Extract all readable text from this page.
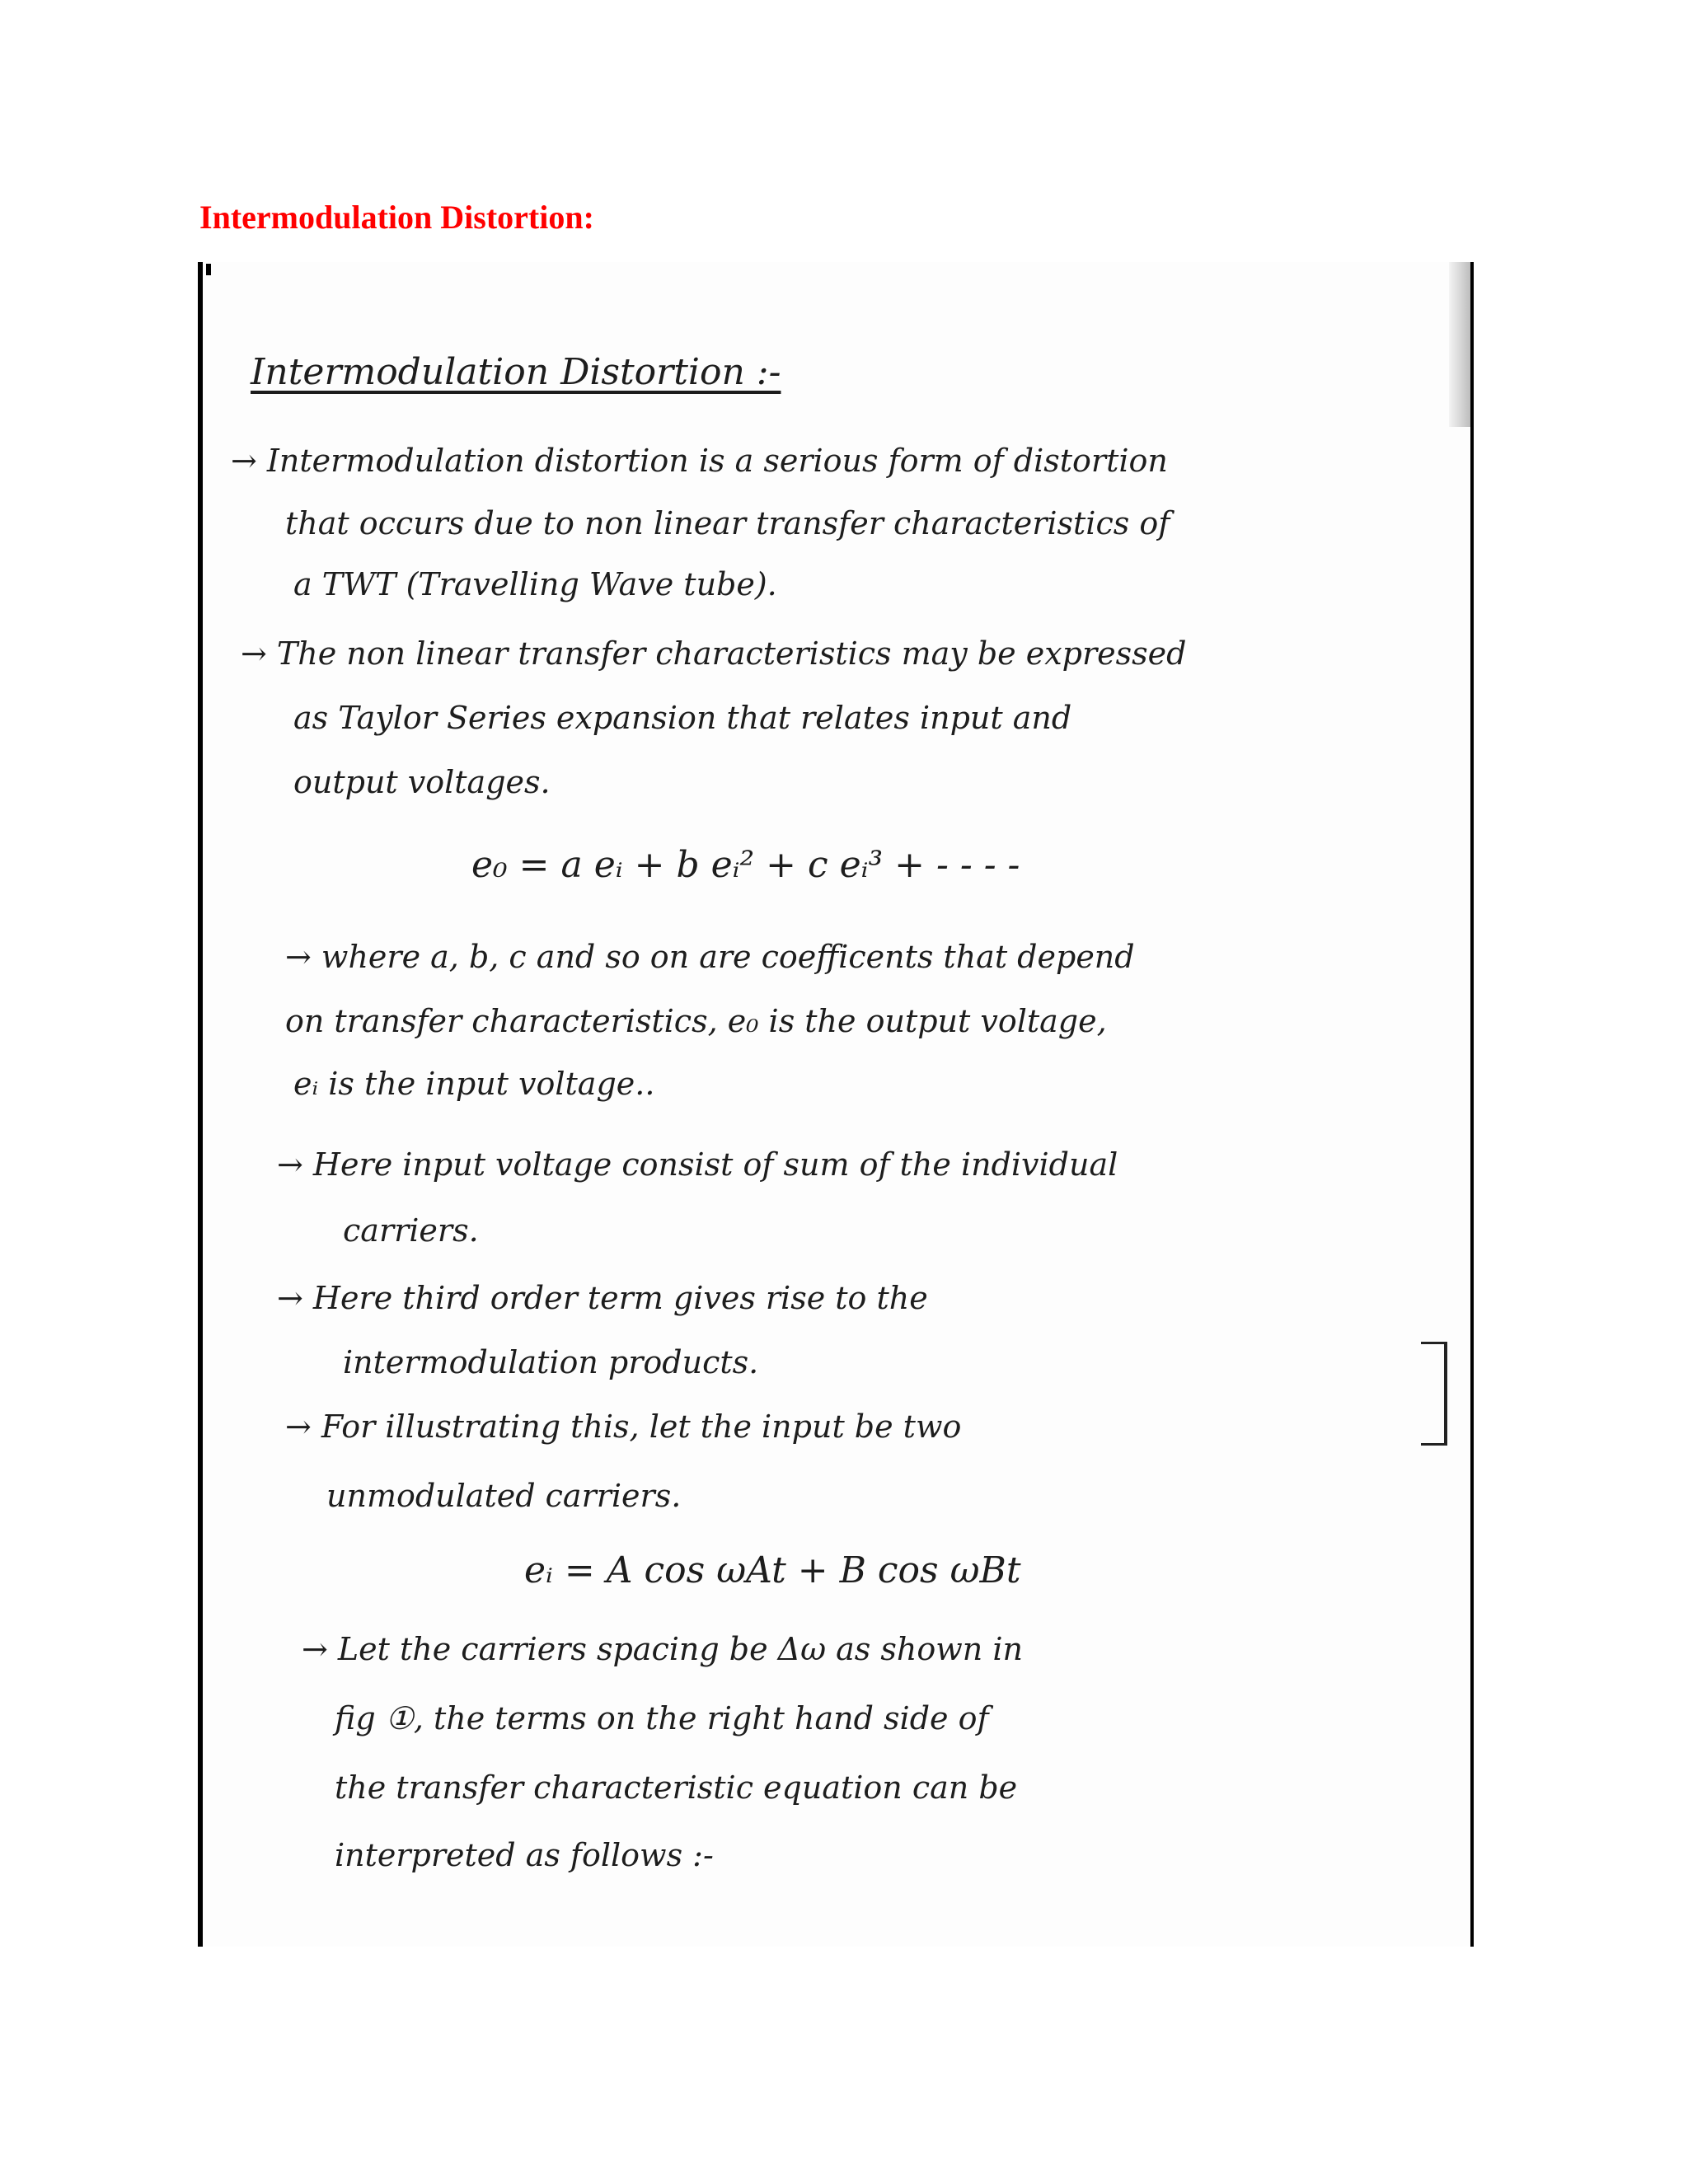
Intermodulation Distortion:
Intermodulation Distortion :-
→ Intermodulation distortion is a serious form of distortion
that occurs due to non linear transfer characteristics of
a TWT (Travelling Wave tube).
→ The non linear transfer characteristics may be expressed
as Taylor Series expansion that relates input and
output voltages.
e₀ = a eᵢ + b eᵢ² + c eᵢ³ + - - - -
→ where a, b, c and so on are coefficents that depend
on transfer characteristics, e₀ is the output voltage,
eᵢ is the input voltage..
→ Here input voltage consist of sum of the individual
carriers.
→ Here third order term gives rise to the
intermodulation products.
→ For illustrating this, let the input be two
unmodulated carriers.
eᵢ = A cos ωAt + B cos ωBt
→ Let the carriers spacing be Δω as shown in
fig ①, the terms on the right hand side of
the transfer characteristic equation can be
interpreted as follows :-
